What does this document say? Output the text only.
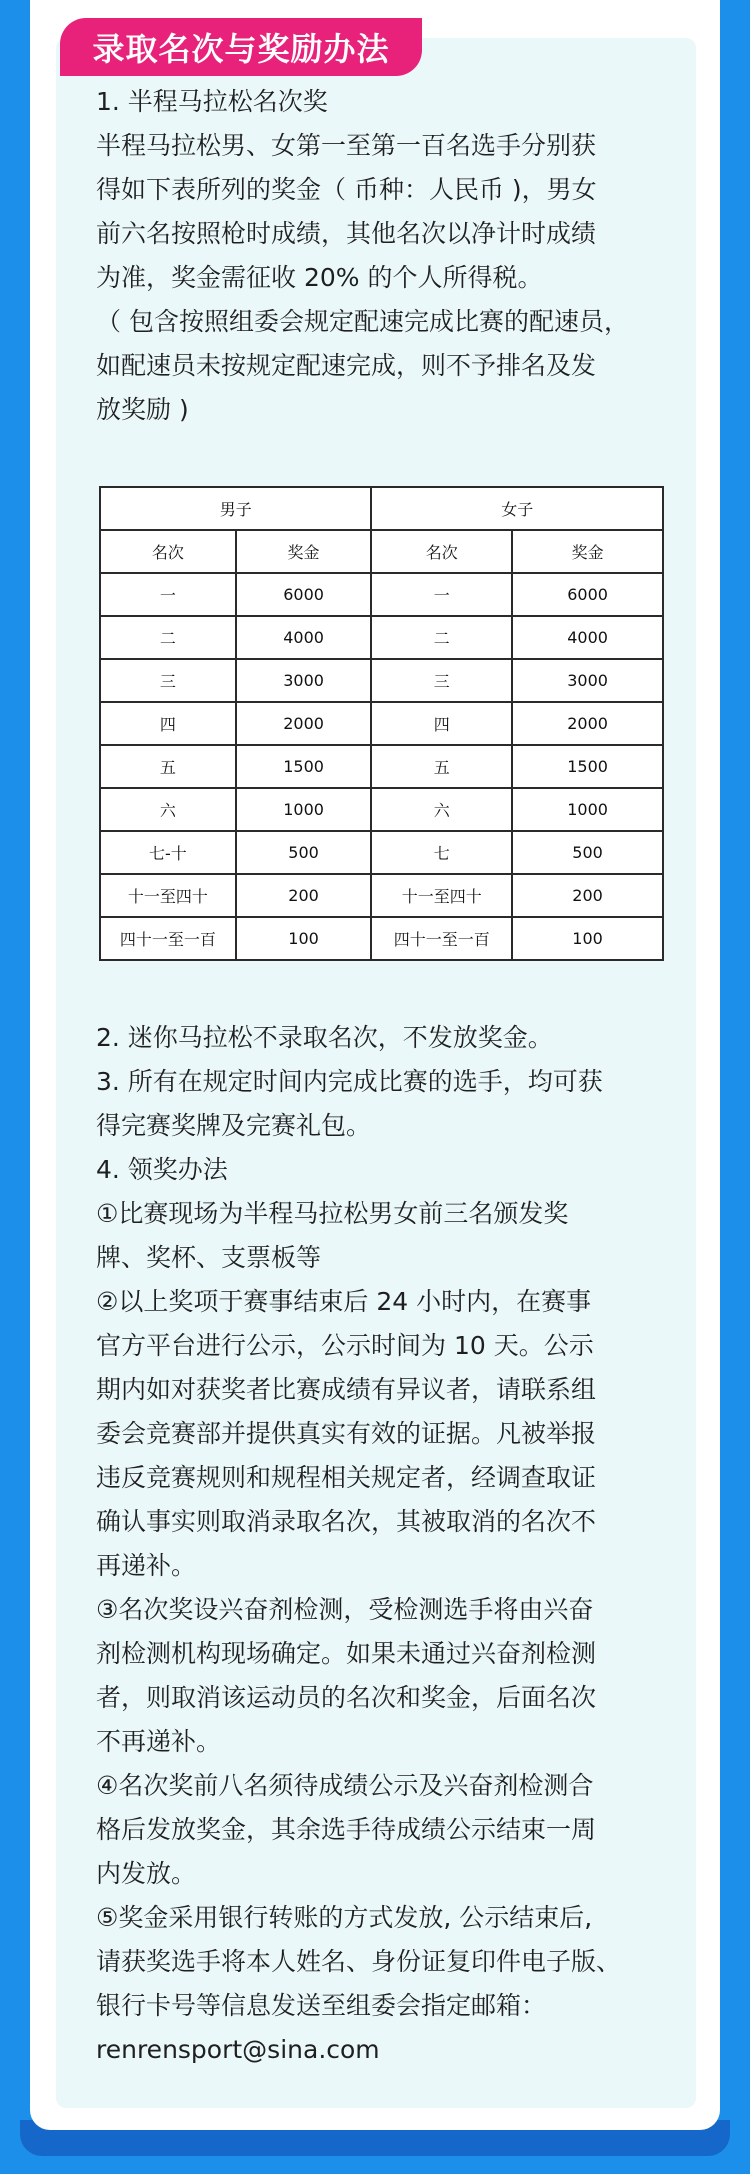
录取名次与奖励办法

1. 半程马拉松名次奖

半程马拉松男、女第一至第一百名选手分别获

得如下表所列的奖金（ 币种：人民币 )，男女

前六名按照枪时成绩，其他名次以净计时成绩

为准，奖金需征收 20% 的个人所得税。

（ 包含按照组委会规定配速完成比赛的配速员，

如配速员未按规定配速完成，则不予排名及发

放奖励 )

男子		女子	
名次	奖金	名次	奖金
一	6000	一	6000
二	4000	二	4000
三	3000	三	3000
四	2000	四	2000
五	1500	五	1500
六	1000	六	1000
七-十	500	七	500
十一至四十	200	十一至四十	200
四十一至一百	100	四十一至一百	100

2. 迷你马拉松不录取名次，不发放奖金。

3. 所有在规定时间内完成比赛的选手，均可获

得完赛奖牌及完赛礼包。

4. 领奖办法

①比赛现场为半程马拉松男女前三名颁发奖

牌、奖杯、支票板等

②以上奖项于赛事结束后 24 小时内，在赛事

官方平台进行公示，公示时间为 10 天。公示

期内如对获奖者比赛成绩有异议者，请联系组

委会竞赛部并提供真实有效的证据。凡被举报

违反竞赛规则和规程相关规定者，经调查取证

确认事实则取消录取名次，其被取消的名次不

再递补。

③名次奖设兴奋剂检测，受检测选手将由兴奋

剂检测机构现场确定。如果未通过兴奋剂检测

者，则取消该运动员的名次和奖金，后面名次

不再递补。

④名次奖前八名须待成绩公示及兴奋剂检测合

格后发放奖金，其余选手待成绩公示结束一周

内发放。

⑤奖金采用银行转账的方式发放, 公示结束后,

请获奖选手将本人姓名、身份证复印件电子版、

银行卡号等信息发送至组委会指定邮箱：

renrensport@sina.com
